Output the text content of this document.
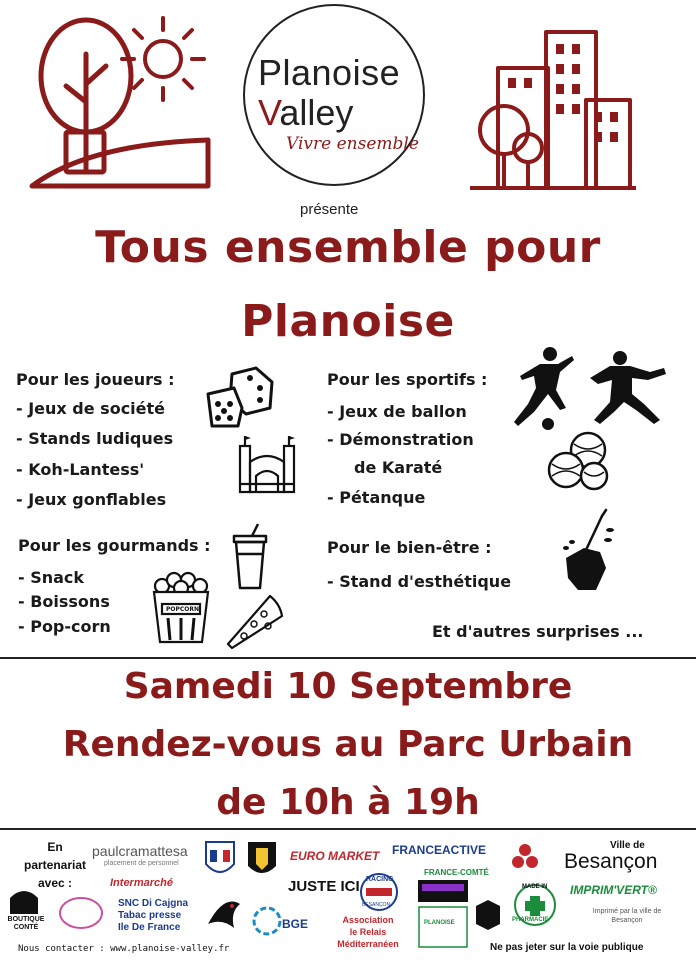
Planoise
Valley
Vivre ensemble
présente
Tous ensemble pour
Planoise
Pour les joueurs :
- Jeux de société
- Stands ludiques
- Koh-Lantess'
- Jeux gonflables
Pour les sportifs :
- Jeux de ballon
- Démonstration
de Karaté
- Pétanque
Pour les gourmands :
- Snack
- Boissons
- Pop-corn
POPCORN
Pour le bien-être :
- Stand d'esthétique
Et d'autres surprises ...
Samedi 10 Septembre
Rendez-vous au Parc Urbain
de 10h à 19h
En
partenariat
avec :
paulcramattesa
placement de personnel
EURO MARKET FRANCEACTIVE
FRANCE-COMTÉ
Ville de
Besançon
Intermarché	JUSTE ICI RACING
BESANÇON
MADE IN
PHARMACIE
IMPRIM'VERT®
Imprimé par la ville de Besançon
BOUTIQUE CONTÉ
SNC Di Cajgna
Tabac presse
Ile De France	BGE	Association
le Relais
Méditerranéen
PLANOISE
Nous contacter : www.planoise-valley.fr	Ne pas jeter sur la voie publique
